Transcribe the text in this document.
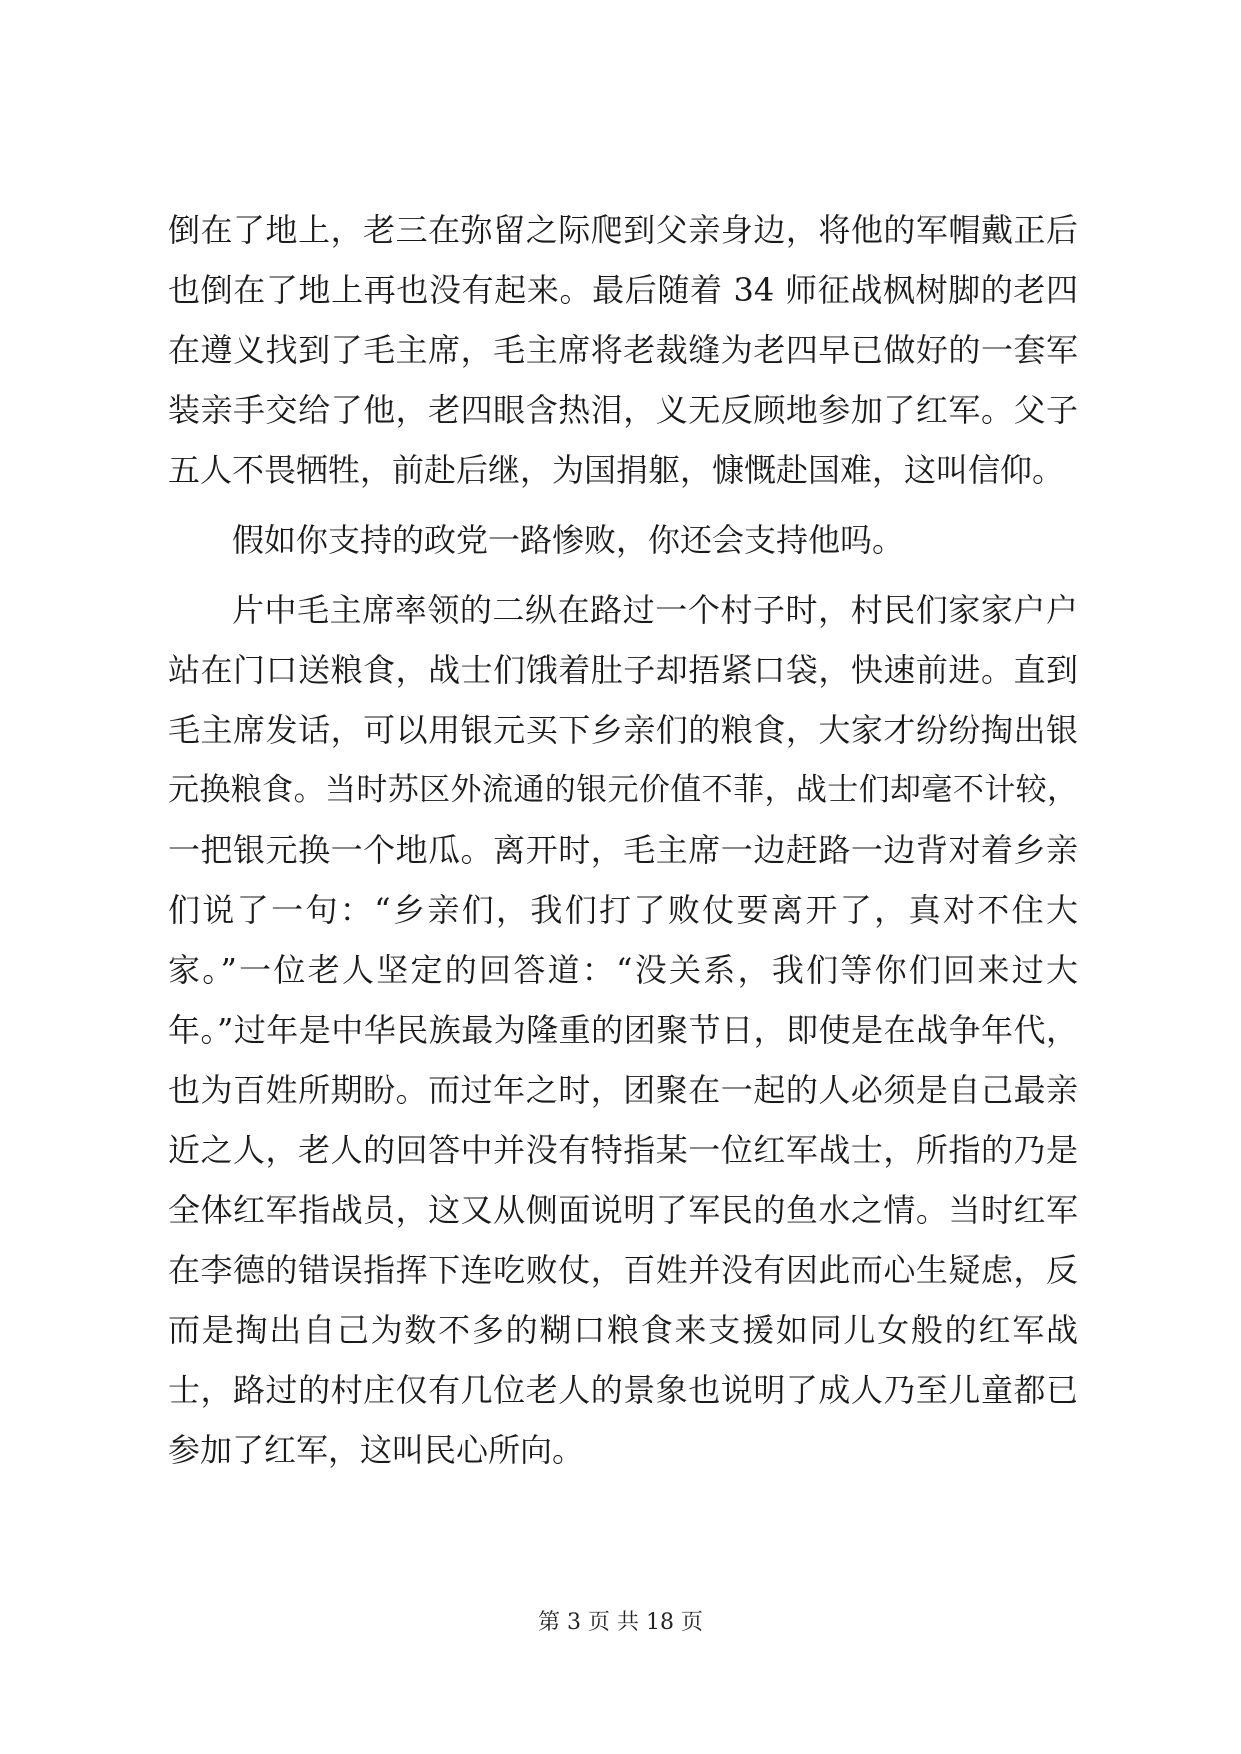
倒在了地上，老三在弥留之际爬到父亲身边，将他的军帽戴正后
也倒在了地上再也没有起来。最后随着 34 师征战枫树脚的老四
在遵义找到了毛主席，毛主席将老裁缝为老四早已做好的一套军
装亲手交给了他，老四眼含热泪，义无反顾地参加了红军。父子
五人不畏牺牲，前赴后继，为国捐躯，慷慨赴国难，这叫信仰。
假如你支持的政党一路惨败，你还会支持他吗。
片中毛主席率领的二纵在路过一个村子时，村民们家家户户
站在门口送粮食，战士们饿着肚子却捂紧口袋，快速前进。直到
毛主席发话，可以用银元买下乡亲们的粮食，大家才纷纷掏出银
元换粮食。当时苏区外流通的银元价值不菲，战士们却毫不计较，
一把银元换一个地瓜。离开时，毛主席一边赶路一边背对着乡亲
们说了一句：“乡亲们，我们打了败仗要离开了，真对不住大
家。”一位老人坚定的回答道：“没关系，我们等你们回来过大
年。”过年是中华民族最为隆重的团聚节日，即使是在战争年代，
也为百姓所期盼。而过年之时，团聚在一起的人必须是自己最亲
近之人，老人的回答中并没有特指某一位红军战士，所指的乃是
全体红军指战员，这又从侧面说明了军民的鱼水之情。当时红军
在李德的错误指挥下连吃败仗，百姓并没有因此而心生疑虑，反
而是掏出自己为数不多的糊口粮食来支援如同儿女般的红军战
士，路过的村庄仅有几位老人的景象也说明了成人乃至儿童都已
参加了红军，这叫民心所向。
第 3 页 共 18 页
